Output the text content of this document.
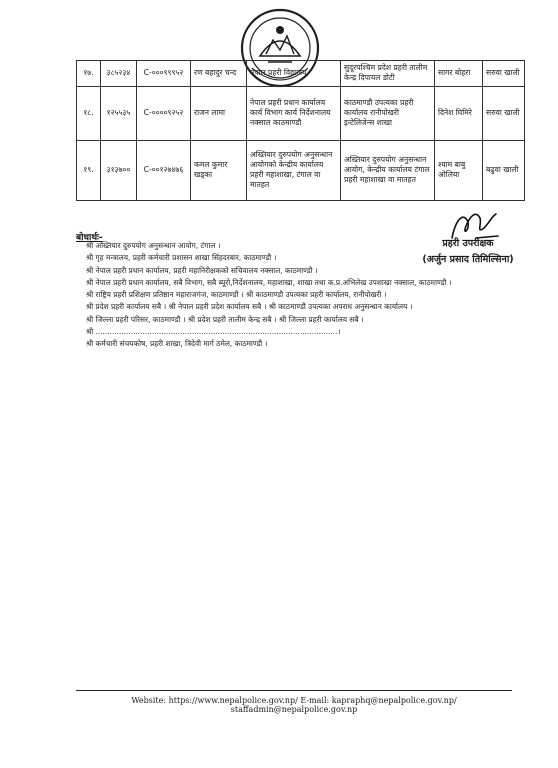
१७.	३८५२३४	C-०००९९९५२	रण बहादुर चन्द	नेपाल प्रहरी विद्यालय	सुदूरपश्चिम प्रदेश प्रहरी तालीम केन्द्र दिपायल डोटी	सागर बोहरा	सरुवा खाली
१८.	१२५५३५	C-००००९२५२	राजन लामा	नेपाल प्रहरी प्रधान कार्यालय कार्य विभाग कार्य निर्देशनालय नक्साल काठमाण्डौ	काठमाण्डौ उपत्यका प्रहरी कार्यालय रानीपोखरी इन्टेलिजेन्स शाखा	दिनेश घिमिरे	सरुवा खाली
१९.	३१३७००	C-००१२७४७६	कमल कुमार खड्का	अख्तियार दुरुपयोग अनुसन्धान आयोगको केन्द्रीय कार्यालय प्रहरी महाशाखा, टंगाल वा मातहत	अख्तियार दुरुपयोग अनुसन्धान आयोग, केन्द्रीय कार्यालय टंगाल प्रहरी महाशाखा वा मातहत	श्याम बाबु ओलिया	बढुवा खाली
प्रहरी उपरीक्षक
(अर्जुन प्रसाद तिमिल्सिना)
बोधार्थः-
श्री अख्तियार दुरुपयोग अनुसन्धान आयोग, टंगाल ।
श्री गृह मन्त्रालय, प्रहरी कर्मचारी प्रशासन शाखा सिंहदरबार, काठमाण्डौ ।
श्री नेपाल प्रहरी प्रधान कार्यालय, प्रहरी महानिरीक्षकको सचिवालय नक्साल, काठमाण्डौ ।
श्री नेपाल प्रहरी प्रधान कार्यालय, सबै विभाग, सबै ब्यूरो,निर्देशनालय, महाशाखा, शाखा तथा क.प्र.अभिलेख उपशाखा नक्साल, काठमाण्डौ ।
श्री राष्ट्रिय प्रहरी प्रशिक्षण प्रतिष्ठान महाराजगंज, काठमाण्डौ । श्री काठमाण्डौ उपत्यका प्रहरी कार्यालय, रानीपोखरी ।
श्री प्रदेश प्रहरी कार्यालय सबै । श्री नेपाल प्रहरी प्रदेश कार्यालय सबै । श्री काठमाण्डौ उपत्यका अपराध अनुसन्धान कार्यालय ।
श्री जिल्ला प्रहरी परिसर, काठमाण्डौ । श्री प्रदेश प्रहरी तालीम केन्द्र सबै । श्री जिल्ला प्रहरी कार्यालय सबै ।
श्री .......................................................................................................।
श्री कर्मचारी संचयकोष, प्रहरी शाखा, त्रिदेवी मार्ग ठमेल, काठमाण्डौ ।
Website: https://www.nepalpolice.gov.np/ E-mail: kapraphq@nepalpolice.gov.np/ staffadmin@nepalpolice.gov.np
